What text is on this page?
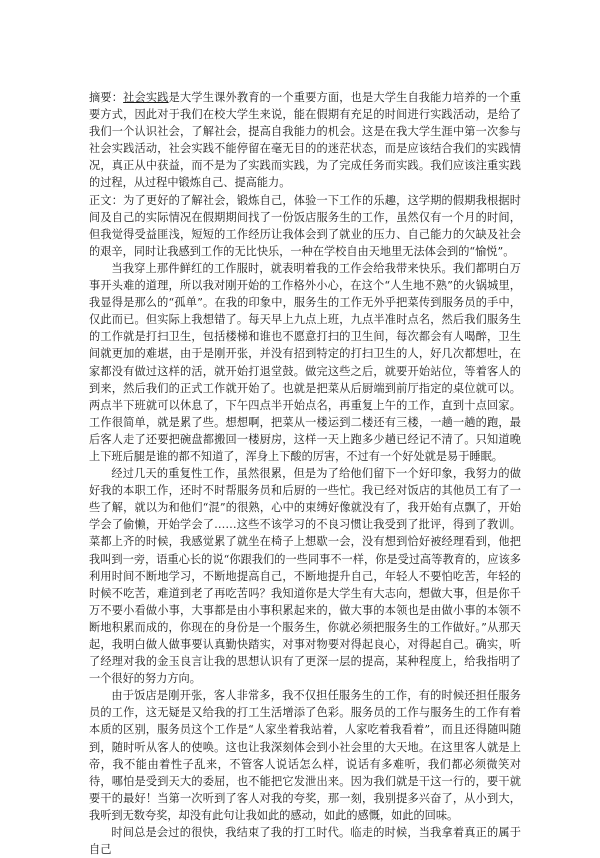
摘要：社会实践是大学生课外教育的一个重要方面，也是大学生自我能力培养的一个重要方式，因此对于我们在校大学生来说，能在假期有充足的时间进行实践活动，是给了我们一个认识社会，了解社会，提高自我能力的机会。这是在我大学生涯中第一次参与社会实践活动，社会实践不能停留在毫无目的的迷茫状态，而是应该结合我们的实践情况，真正从中获益，而不是为了实践而实践，为了完成任务而实践。我们应该注重实践的过程，从过程中锻炼自己、提高能力。

正文：为了更好的了解社会，锻炼自己，体验一下工作的乐趣，这学期的假期我根据时间及自己的实际情况在假期期间找了一份饭店服务生的工作，虽然仅有一个月的时间，但我觉得受益匪浅，短短的工作经历让我体会到了就业的压力、自己能力的欠缺及社会的艰辛，同时让我感到工作的无比快乐，一种在学校自由天地里无法体会到的“愉悦”。

当我穿上那件鲜红的工作服时，就表明着我的工作会给我带来快乐。我们都明白万事开头难的道理，所以我对刚开始的工作格外小心，在这个“人生地不熟”的火锅城里，我显得是那么的“孤单”。在我的印象中，服务生的工作无外乎把菜传到服务员的手中，仅此而已。但实际上我想错了。每天早上九点上班，九点半准时点名，然后我们服务生的工作就是打扫卫生，包括楼梯和谁也不愿意打扫的卫生间，每次都会有人喝醉，卫生间就更加的难堪，由于是刚开张，并没有招到特定的打扫卫生的人，好几次都想吐，在家都没有做过这样的活，就开始打退堂鼓。做完这些之后，就要开始站位，等着客人的到来，然后我们的正式工作就开始了。也就是把菜从后厨端到前厅指定的桌位就可以。两点半下班就可以休息了，下午四点半开始点名，再重复上午的工作，直到十点回家。工作很简单，就是累了些。想想啊，把菜从一楼运到二楼还有三楼，一趟一趟的跑，最后客人走了还要把碗盘都搬回一楼厨房，这样一天上跑多少趟已经记不清了。只知道晚上下班后腿是谁的都不知道了，浑身上下酸的厉害，不过有一个好处就是易于睡眠。

经过几天的重复性工作，虽然很累，但是为了给他们留下一个好印象，我努力的做好我的本职工作，还时不时帮服务员和后厨的一些忙。我已经对饭店的其他员工有了一些了解，就以为和他们“混”的很熟，心中的束缚好像就没有了，我开始有点飘了，开始学会了偷懒，开始学会了……这些不该学习的不良习惯让我受到了批评，得到了教训。菜都上齐的时候，我感觉累了就坐在椅子上想歇一会，没有想到恰好被经理看到，他把我叫到一旁，语重心长的说“你跟我们的一些同事不一样，你是受过高等教育的，应该多利用时间不断地学习，不断地提高自己，不断地提升自己，年轻人不要怕吃苦，年轻的时候不吃苦，难道到老了再吃苦吗？我知道你是大学生有大志向，想做大事，但是你千万不要小看做小事，大事都是由小事积累起来的，做大事的本领也是由做小事的本领不断地积累而成的，你现在的身份是一个服务生，你就必须把服务生的工作做好。”从那天起，我明白做人做事要认真勤快踏实，对事对物要对得起良心，对得起自己。确实，听了经理对我的金玉良言让我的思想认识有了更深一层的提高，某种程度上，给我指明了一个很好的努力方向。

由于饭店是刚开张，客人非常多，我不仅担任服务生的工作，有的时候还担任服务员的工作，这无疑是又给我的打工生活增添了色彩。服务员的工作与服务生的工作有着本质的区别，服务员这个工作是“人家坐着我站着，人家吃着我看着”，而且还得随叫随到，随时听从客人的使唤。这也让我深刻体会到小社会里的大天地。在这里客人就是上帝，我不能由着性子乱来，不管客人说话怎么样，说话有多难听，我们都必须微笑对待，哪怕是受到天大的委屈，也不能把它发泄出来。因为我们就是干这一行的，要干就要干的最好！当第一次听到了客人对我的夸奖，那一刻，我别提多兴奋了，从小到大，我听到无数夸奖，却没有此句让我如此的感动，如此的感慨，如此的回味。

时间总是会过的很快，我结束了我的打工时代。临走的时候，当我拿着真正的属于自己
